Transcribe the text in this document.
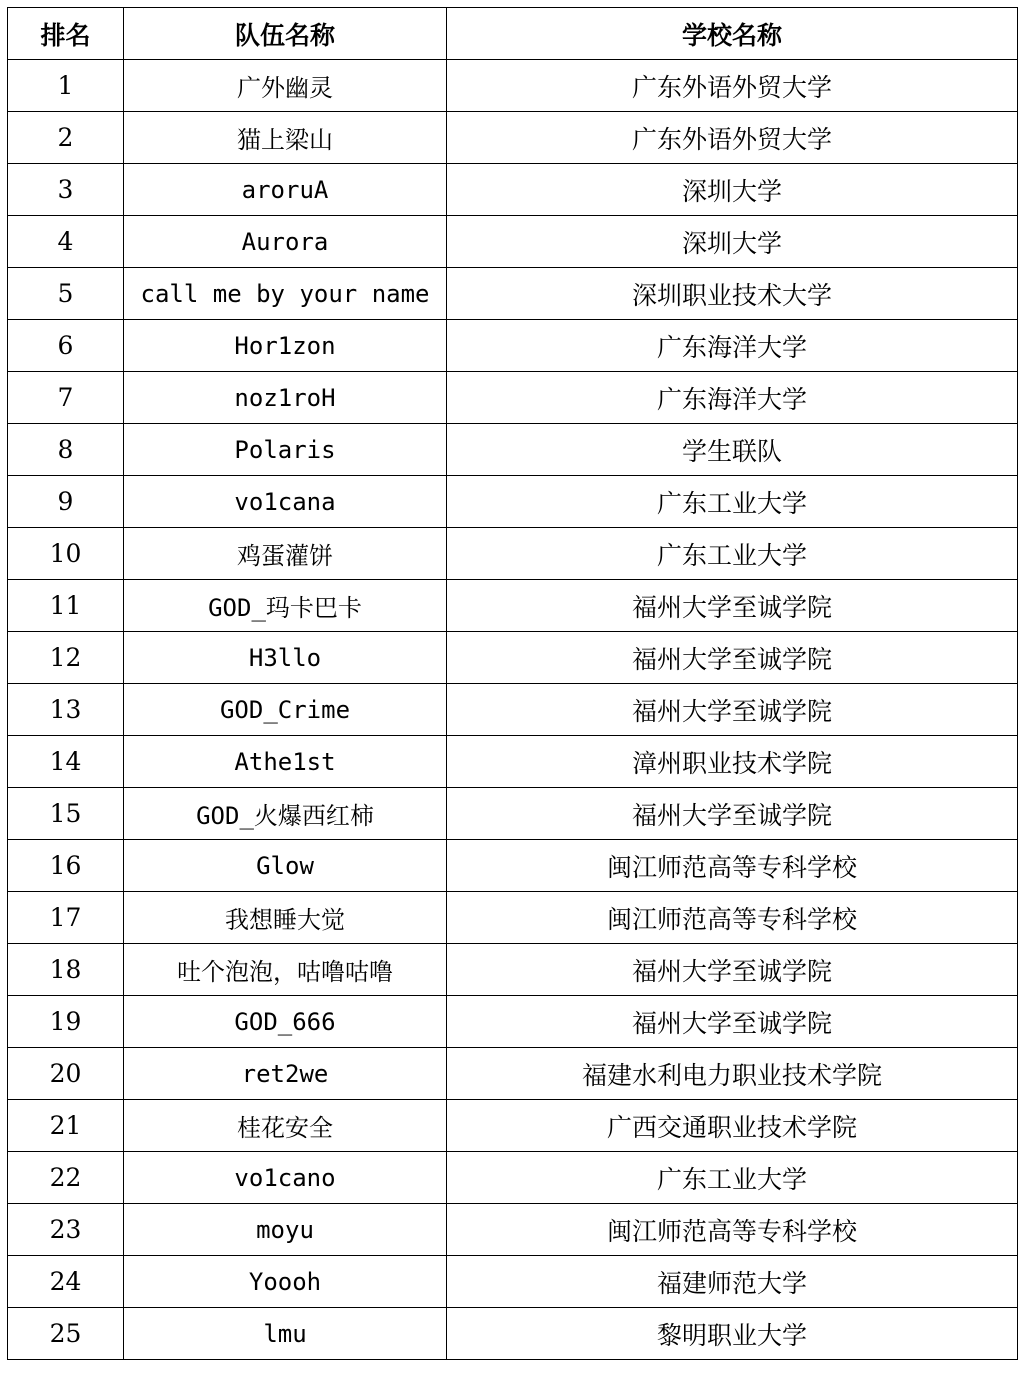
排名	队伍名称	学校名称
1	广外幽灵	广东外语外贸大学
2	猫上梁山	广东外语外贸大学
3	aroruA	深圳大学
4	Aurora	深圳大学
5	call me by your name	深圳职业技术大学
6	Hor1zon	广东海洋大学
7	noz1roH	广东海洋大学
8	Polaris	学生联队
9	vo1cana	广东工业大学
10	鸡蛋灌饼	广东工业大学
11	GOD_玛卡巴卡	福州大学至诚学院
12	H3llo	福州大学至诚学院
13	GOD_Crime	福州大学至诚学院
14	Athe1st	漳州职业技术学院
15	GOD_火爆西红柿	福州大学至诚学院
16	Glow	闽江师范高等专科学校
17	我想睡大觉	闽江师范高等专科学校
18	吐个泡泡，咕噜咕噜	福州大学至诚学院
19	GOD_666	福州大学至诚学院
20	ret2we	福建水利电力职业技术学院
21	桂花安全	广西交通职业技术学院
22	vo1cano	广东工业大学
23	moyu	闽江师范高等专科学校
24	Yoooh	福建师范大学
25	lmu	黎明职业大学
